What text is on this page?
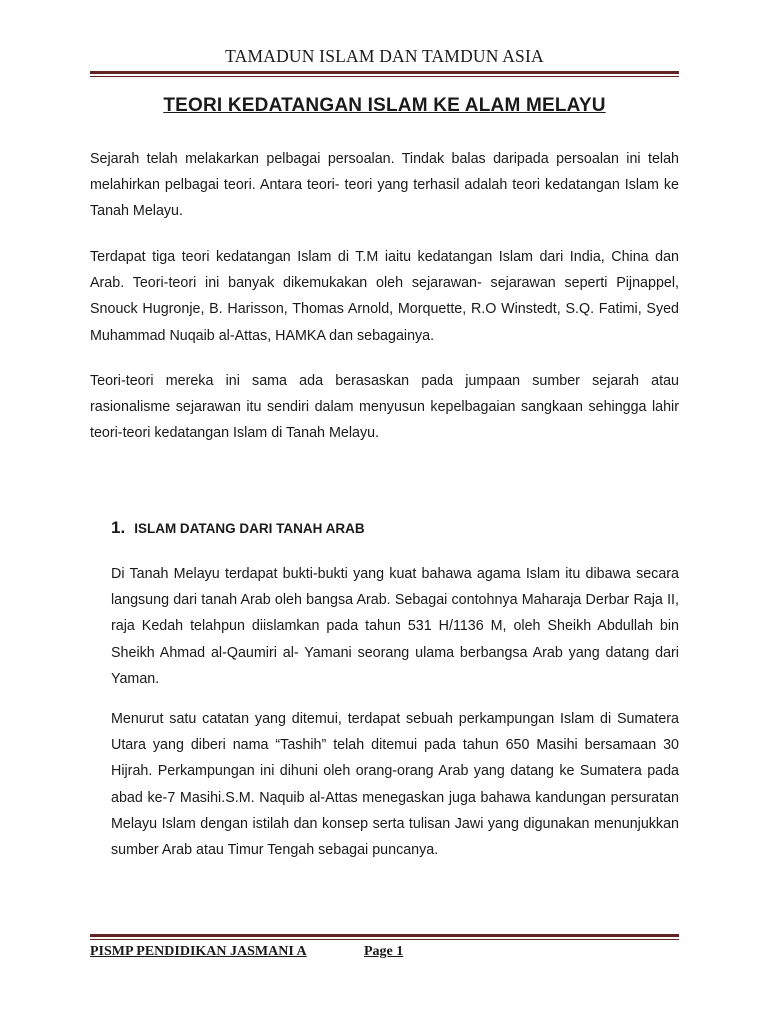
TAMADUN ISLAM DAN TAMDUN ASIA
TEORI KEDATANGAN ISLAM KE ALAM MELAYU

Sejarah telah melakarkan pelbagai persoalan. Tindak balas daripada persoalan ini telah melahirkan pelbagai teori. Antara teori- teori yang terhasil adalah teori kedatangan Islam ke Tanah Melayu.

Terdapat tiga teori kedatangan Islam di T.M iaitu kedatangan Islam dari India, China dan Arab. Teori-teori ini banyak dikemukakan oleh sejarawan- sejarawan seperti Pijnappel, Snouck Hugronje, B. Harisson, Thomas Arnold, Morquette, R.O Winstedt, S.Q. Fatimi, Syed Muhammad Nuqaib al-Attas, HAMKA dan sebagainya.

Teori-teori mereka ini sama ada berasaskan pada jumpaan sumber sejarah atau rasionalisme sejarawan itu sendiri dalam menyusun kepelbagaian sangkaan sehingga lahir teori-teori kedatangan Islam di Tanah Melayu.

1. ISLAM DATANG DARI TANAH ARAB

Di Tanah Melayu terdapat bukti-bukti yang kuat bahawa agama Islam itu dibawa secara langsung dari tanah Arab oleh bangsa Arab. Sebagai contohnya Maharaja Derbar Raja II, raja Kedah telahpun diislamkan pada tahun 531 H/1136 M, oleh Sheikh Abdullah bin Sheikh Ahmad al-Qaumiri al- Yamani seorang ulama berbangsa Arab yang datang dari Yaman.

Menurut satu catatan yang ditemui, terdapat sebuah perkampungan Islam di Sumatera Utara yang diberi nama “Tashih” telah ditemui pada tahun 650 Masihi bersamaan 30 Hijrah. Perkampungan ini dihuni oleh orang-orang Arab yang datang ke Sumatera pada abad ke-7 Masihi.S.M. Naquib al-Attas menegaskan juga bahawa kandungan persuratan Melayu Islam dengan istilah dan konsep serta tulisan Jawi yang digunakan menunjukkan sumber Arab atau Timur Tengah sebagai puncanya.

PISMP PENDIDIKAN JASMANI A	Page 1
